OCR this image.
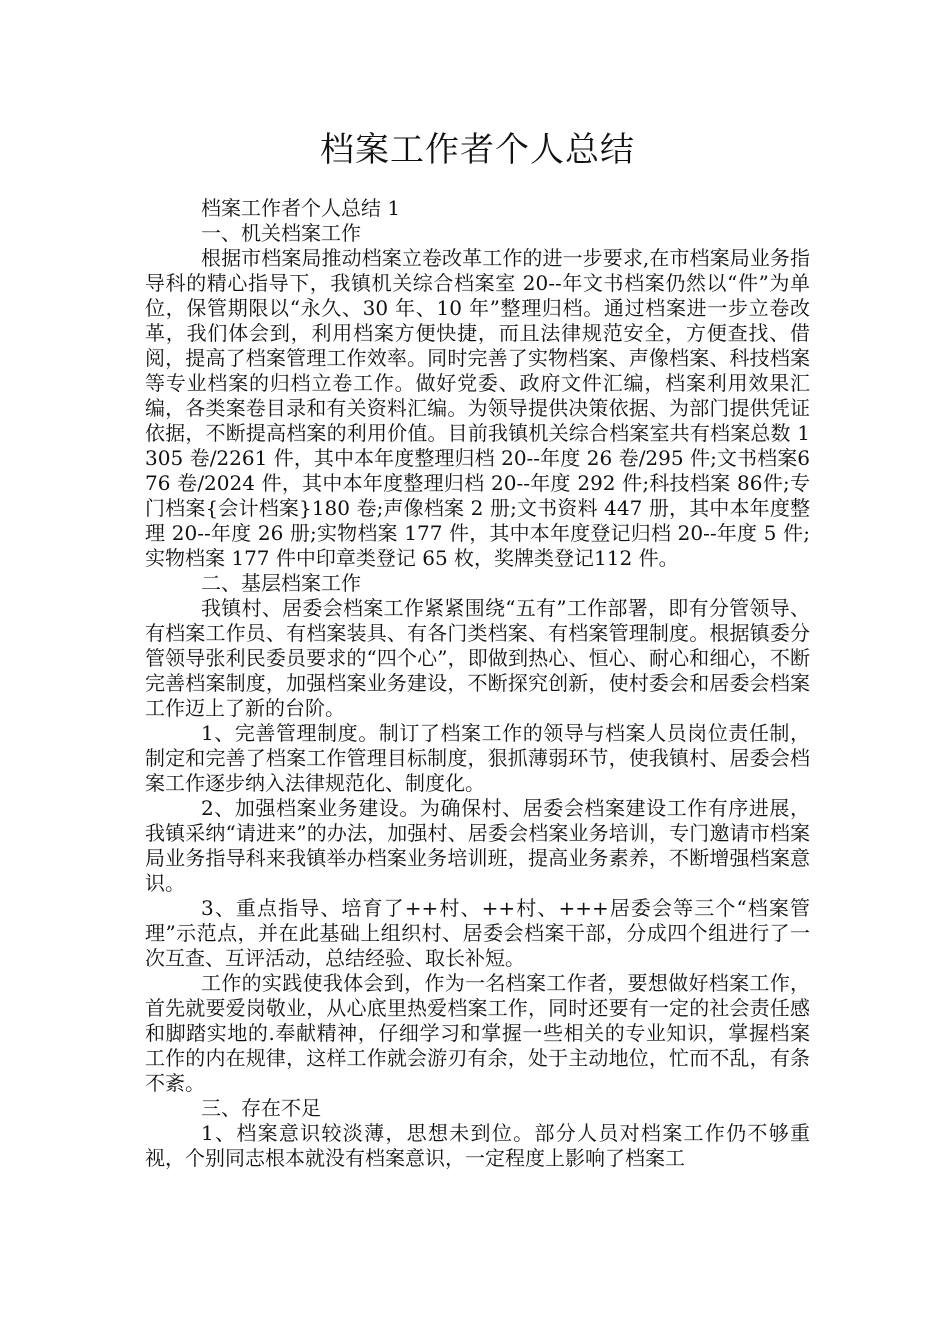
档案工作者个人总结

档案工作者个人总结 1

一、机关档案工作

根据市档案局推动档案立卷改革工作的进一步要求,在市档案局业务指导科的精心指导下，我镇机关综合档案室 20--年文书档案仍然以“件”为单位，保管期限以“永久、30 年、10 年”整理归档。通过档案进一步立卷改革，我们体会到，利用档案方便快捷，而且法律规范安全，方便查找、借阅，提高了档案管理工作效率。同时完善了实物档案、声像档案、科技档案等专业档案的归档立卷工作。做好党委、政府文件汇编，档案利用效果汇编，各类案卷目录和有关资料汇编。为领导提供决策依据、为部门提供凭证依据，不断提高档案的利用价值。目前我镇机关综合档案室共有档案总数 1305 卷/2261 件，其中本年度整理归档 20--年度 26 卷/295 件;文书档案676 卷/2024 件，其中本年度整理归档 20--年度 292 件;科技档案 86件;专门档案{会计档案}180 卷;声像档案 2 册;文书资料 447 册，其中本年度整理 20--年度 26 册;实物档案 177 件，其中本年度登记归档 20--年度 5 件;实物档案 177 件中印章类登记 65 枚，奖牌类登记112 件。

二、基层档案工作

我镇村、居委会档案工作紧紧围绕“五有”工作部署，即有分管领导、有档案工作员、有档案装具、有各门类档案、有档案管理制度。根据镇委分管领导张利民委员要求的“四个心”，即做到热心、恒心、耐心和细心，不断完善档案制度，加强档案业务建设，不断探究创新，使村委会和居委会档案工作迈上了新的台阶。

1、完善管理制度。制订了档案工作的领导与档案人员岗位责任制，制定和完善了档案工作管理目标制度，狠抓薄弱环节，使我镇村、居委会档案工作逐步纳入法律规范化、制度化。

2、加强档案业务建设。为确保村、居委会档案建设工作有序进展，我镇采纳“请进来”的办法，加强村、居委会档案业务培训，专门邀请市档案局业务指导科来我镇举办档案业务培训班，提高业务素养，不断增强档案意识。

3、重点指导、培育了++村、++村、+++居委会等三个“档案管理”示范点，并在此基础上组织村、居委会档案干部，分成四个组进行了一次互查、互评活动，总结经验、取长补短。

工作的实践使我体会到，作为一名档案工作者，要想做好档案工作，首先就要爱岗敬业，从心底里热爱档案工作，同时还要有一定的社会责任感和脚踏实地的.奉献精神，仔细学习和掌握一些相关的专业知识，掌握档案工作的内在规律，这样工作就会游刃有余，处于主动地位，忙而不乱，有条不紊。

三、存在不足

1、档案意识较淡薄，思想未到位。部分人员对档案工作仍不够重视，个别同志根本就没有档案意识，一定程度上影响了档案工
